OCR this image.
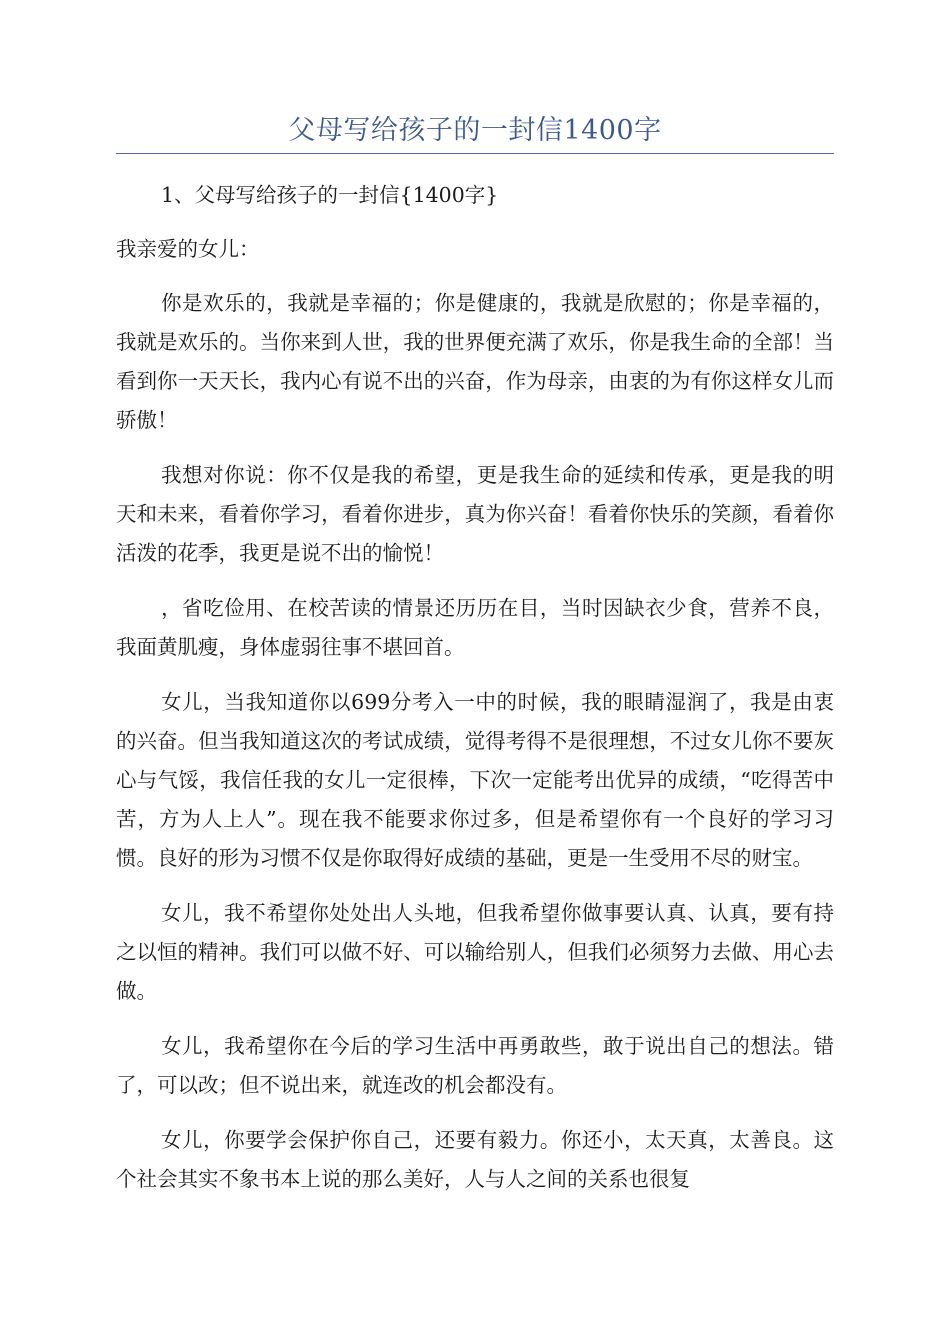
父母写给孩子的一封信1400字

1、父母写给孩子的一封信{1400字}

我亲爱的女儿：

你是欢乐的，我就是幸福的；你是健康的，我就是欣慰的；你是幸福的，我就是欢乐的。当你来到人世，我的世界便充满了欢乐，你是我生命的全部！当看到你一天天长，我内心有说不出的兴奋，作为母亲，由衷的为有你这样女儿而骄傲！

我想对你说：你不仅是我的希望，更是我生命的延续和传承，更是我的明天和未来，看着你学习，看着你进步，真为你兴奋！看着你快乐的笑颜，看着你活泼的花季，我更是说不出的愉悦！

，省吃俭用、在校苦读的情景还历历在目，当时因缺衣少食，营养不良，我面黄肌瘦，身体虚弱往事不堪回首。

女儿，当我知道你以699分考入一中的时候，我的眼睛湿润了，我是由衷的兴奋。但当我知道这次的考试成绩，觉得考得不是很理想，不过女儿你不要灰心与气馁，我信任我的女儿一定很棒，下次一定能考出优异的成绩，“吃得苦中苦，方为人上人”。现在我不能要求你过多，但是希望你有一个良好的学习习惯。良好的形为习惯不仅是你取得好成绩的基础，更是一生受用不尽的财宝。

女儿，我不希望你处处出人头地，但我希望你做事要认真、认真，要有持之以恒的精神。我们可以做不好、可以输给别人，但我们必须努力去做、用心去做。

女儿，我希望你在今后的学习生活中再勇敢些，敢于说出自己的想法。错了，可以改；但不说出来，就连改的机会都没有。

女儿，你要学会保护你自己，还要有毅力。你还小，太天真，太善良。这个社会其实不象书本上说的那么美好，人与人之间的关系也很复
